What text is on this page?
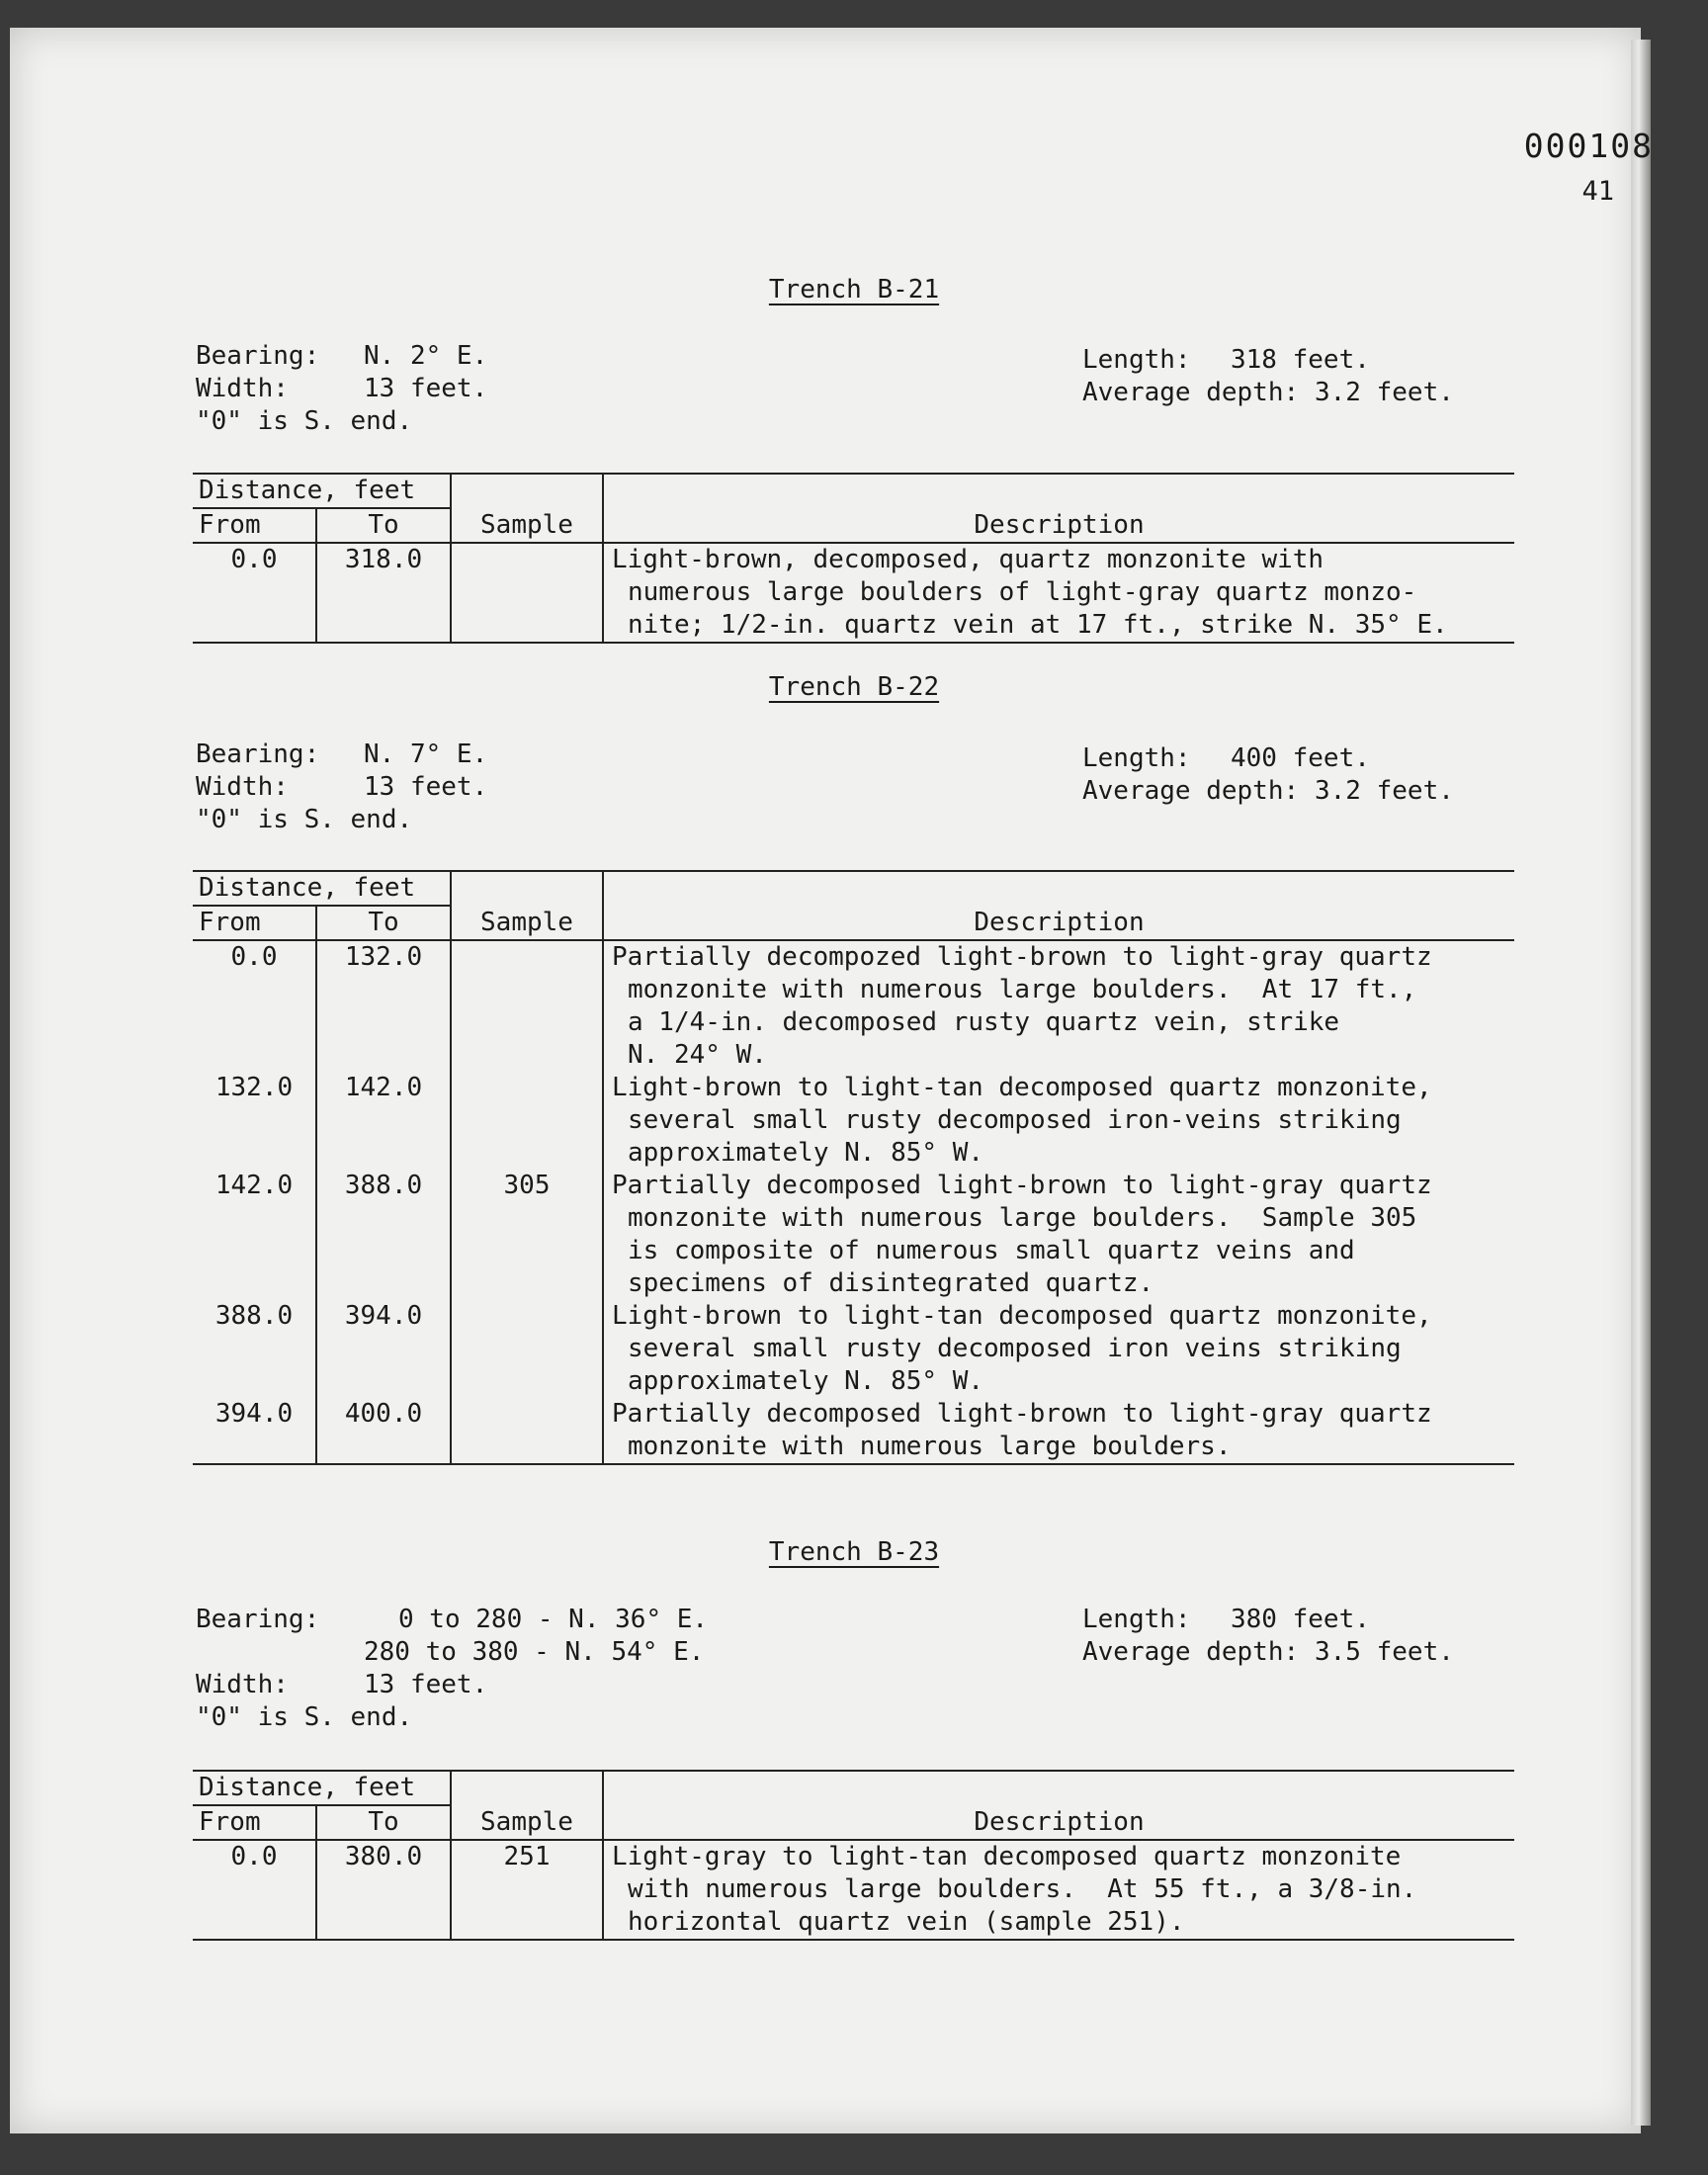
000108
41
Trench B-21
Bearing: N. 2° E.
Width:	13 feet.
"0" is S. end.
Length: 318 feet.
Average depth: 3.2 feet.
Distance, feet			
From	To	Sample	Description
0.0	318.0		Light-brown, decomposed, quartz monzonite with
numerous large boulders of light-gray quartz monzo-
nite; 1/2-in. quartz vein at 17 ft., strike N. 35° E.
Trench B-22
Bearing: N. 7° E.
Width:	13 feet.
"0" is S. end.
Length: 400 feet.
Average depth: 3.2 feet.
Distance, feet			
From	To	Sample	Description
0.0	132.0		Partially decompozed light-brown to light-gray quartz
monzonite with numerous large boulders.  At 17 ft.,
a 1/4-in. decomposed rusty quartz vein, strike
N. 24° W.

132.0	142.0		Light-brown to light-tan decomposed quartz monzonite,
several small rusty decomposed iron-veins striking
approximately N. 85° W.

142.0	388.0	305	Partially decomposed light-brown to light-gray quartz
monzonite with numerous large boulders.  Sample 305
is composite of numerous small quartz veins and
specimens of disintegrated quartz.

388.0	394.0		Light-brown to light-tan decomposed quartz monzonite,
several small rusty decomposed iron veins striking
approximately N. 85° W.

394.0	400.0		Partially decomposed light-brown to light-gray quartz
monzonite with numerous large boulders.
Trench B-23
Bearing:	0 to 280 - N. 36° E.
280 to 380 - N. 54° E.
Width:	13 feet.
"0" is S. end.
Length: 380 feet.
Average depth: 3.5 feet.
Distance, feet			
From	To	Sample	Description
0.0	380.0	251	Light-gray to light-tan decomposed quartz monzonite
with numerous large boulders.  At 55 ft., a 3/8-in.
horizontal quartz vein (sample 251).
